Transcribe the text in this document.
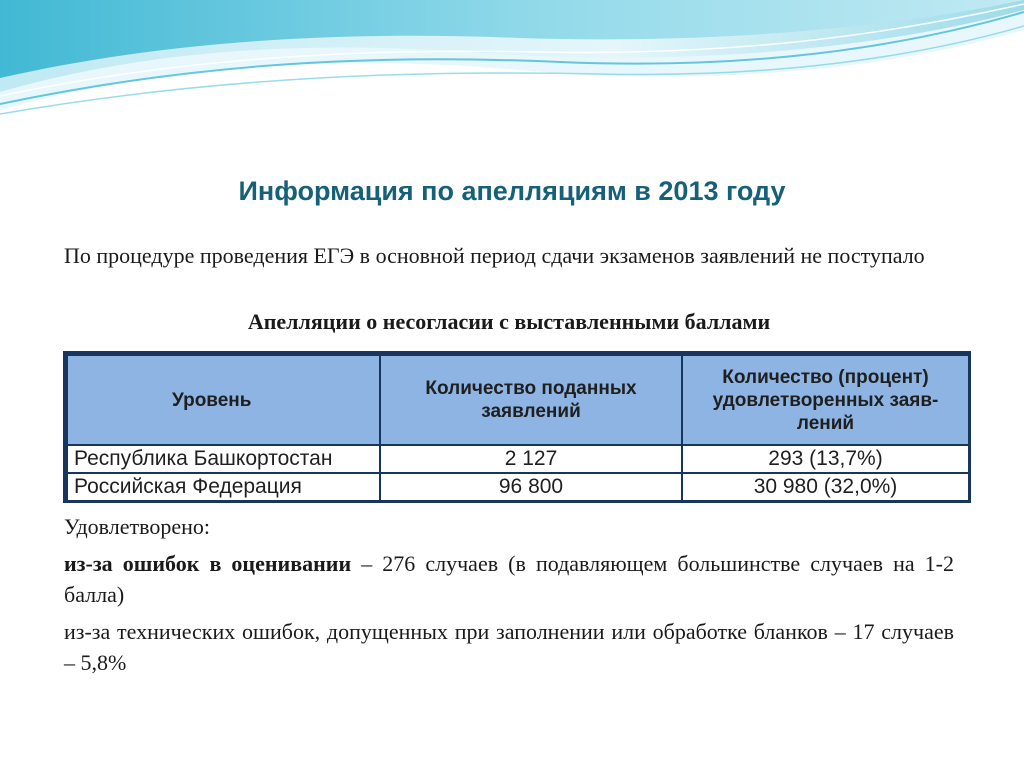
Информация по апелляциям в 2013 году

По процедуре проведения ЕГЭ в основной период сдачи экзаменов заявлений не поступало

Апелляции о несогласии с выставленными баллами

Уровень	Количество поданных заявлений	Количество (процент) удовлетворенных заяв-лений
Республика Башкортостан	2 127	293 (13,7%)
Российская Федерация	96 800	30 980 (32,0%)

Удовлетворено:

из-за ошибок в оценивании – 276 случаев (в подавляющем большинстве случаев на 1-2 балла)

из-за технических ошибок, допущенных при заполнении или обработке бланков – 17 случаев – 5,8%
